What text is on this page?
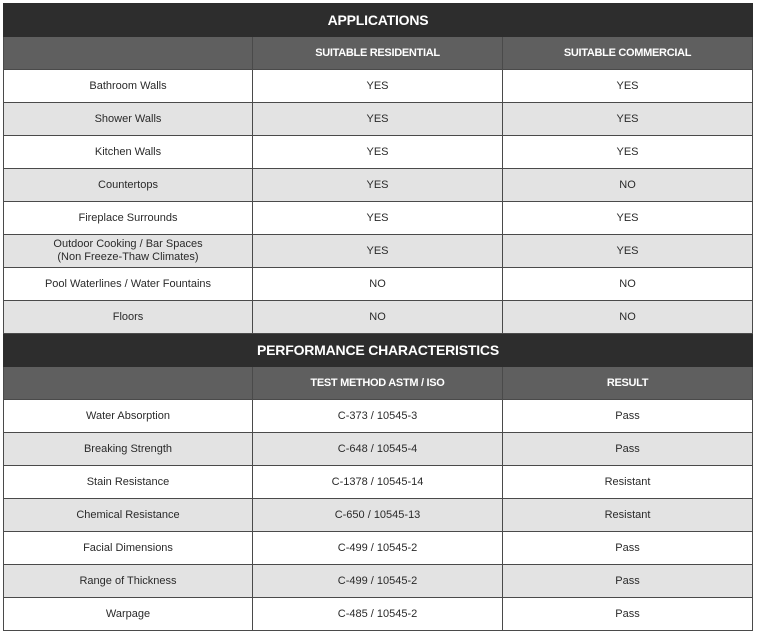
APPLICATIONS		
	SUITABLE RESIDENTIAL	SUITABLE COMMERCIAL
Bathroom Walls	YES	YES
Shower Walls	YES	YES
Kitchen Walls	YES	YES
Countertops	YES	NO
Fireplace Surrounds	YES	YES

Outdoor Cooking / Bar Spaces
(Non Freeze-Thaw Climates)	YES	YES
Pool Waterlines / Water Fountains	NO	NO
Floors	NO	NO
PERFORMANCE CHARACTERISTICS		
	TEST METHOD ASTM / ISO	RESULT
Water Absorption	C-373 / 10545-3	Pass
Breaking Strength	C-648 / 10545-4	Pass
Stain Resistance	C-1378 / 10545-14	Resistant
Chemical Resistance	C-650 / 10545-13	Resistant
Facial Dimensions	C-499 / 10545-2	Pass
Range of Thickness	C-499 / 10545-2	Pass
Warpage	C-485 / 10545-2	Pass
